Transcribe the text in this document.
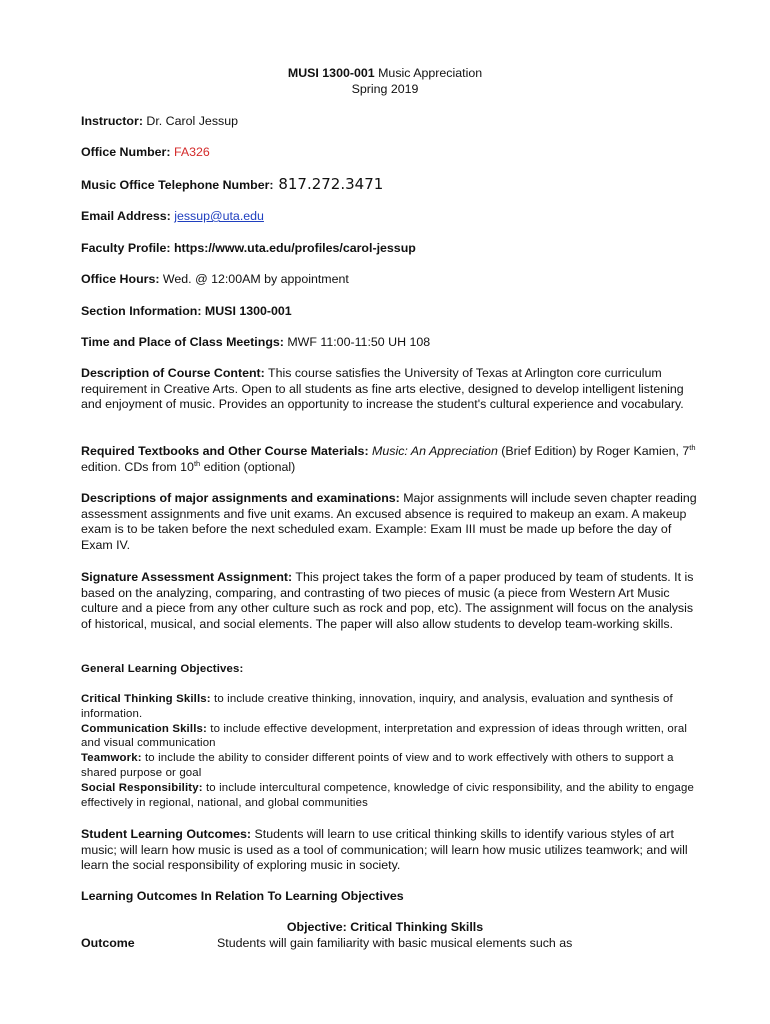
MUSI 1300-001 Music Appreciation
Spring 2019
Instructor: Dr. Carol Jessup
Office Number: FA326
Music Office Telephone Number: 817.272.3471
Email Address: jessup@uta.edu
Faculty Profile: https://www.uta.edu/profiles/carol-jessup
Office Hours: Wed. @ 12:00AM by appointment
Section Information: MUSI 1300-001
Time and Place of Class Meetings: MWF 11:00-11:50 UH 108
Description of Course Content: This course satisfies the University of Texas at Arlington core curriculum requirement in Creative Arts. Open to all students as fine arts elective, designed to develop intelligent listening and enjoyment of music. Provides an opportunity to increase the student's cultural experience and vocabulary.
Required Textbooks and Other Course Materials: Music: An Appreciation (Brief Edition) by Roger Kamien, 7th edition. CDs from 10th edition (optional)
Descriptions of major assignments and examinations: Major assignments will include seven chapter reading assessment assignments and five unit exams. An excused absence is required to makeup an exam. A makeup exam is to be taken before the next scheduled exam. Example: Exam III must be made up before the day of Exam IV.
Signature Assessment Assignment: This project takes the form of a paper produced by team of students. It is based on the analyzing, comparing, and contrasting of two pieces of music (a piece from Western Art Music culture and a piece from any other culture such as rock and pop, etc). The assignment will focus on the analysis of historical, musical, and social elements. The paper will also allow students to develop team-working skills.
General Learning Objectives:
Critical Thinking Skills: to include creative thinking, innovation, inquiry, and analysis, evaluation and synthesis of information.
Communication Skills: to include effective development, interpretation and expression of ideas through written, oral and visual communication
Teamwork: to include the ability to consider different points of view and to work effectively with others to support a shared purpose or goal
Social Responsibility: to include intercultural competence, knowledge of civic responsibility, and the ability to engage effectively in regional, national, and global communities
Student Learning Outcomes: Students will learn to use critical thinking skills to identify various styles of art music; will learn how music is used as a tool of communication; will learn how music utilizes teamwork; and will learn the social responsibility of exploring music in society.
Learning Outcomes In Relation To Learning Objectives
Objective: Critical Thinking Skills
Outcome	Students will gain familiarity with basic musical elements such as
